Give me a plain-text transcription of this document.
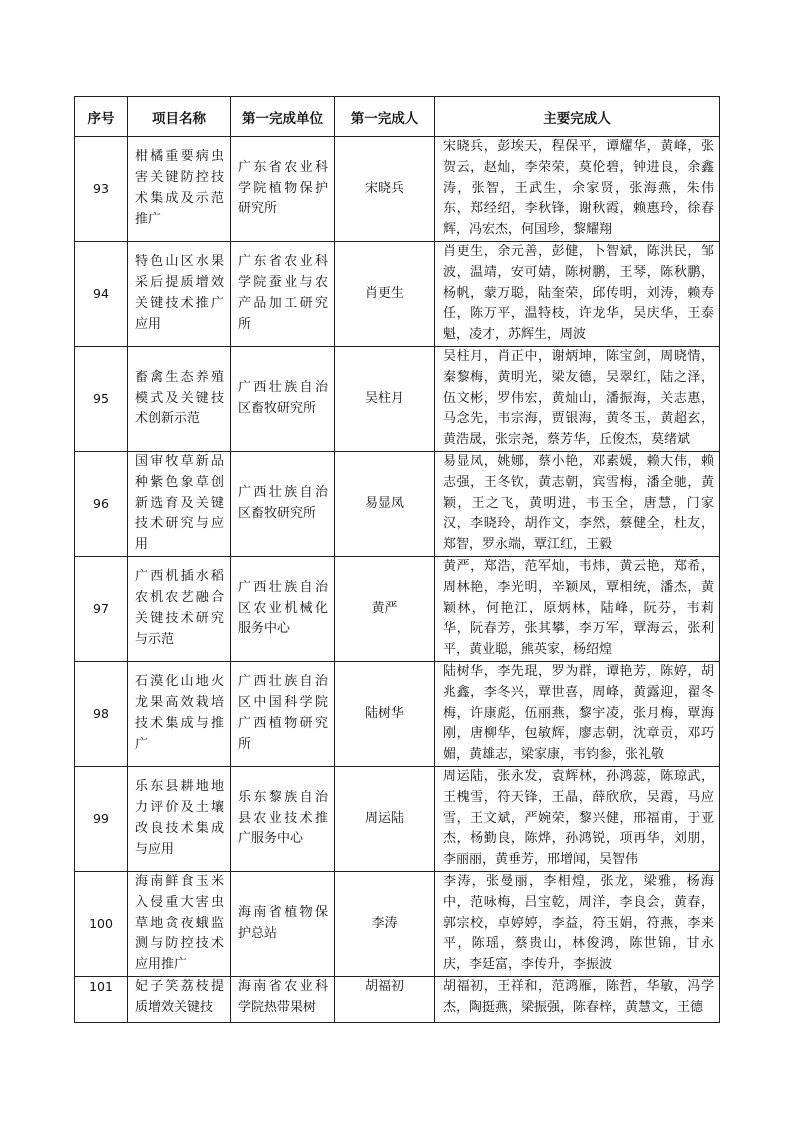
序号	项目名称	第一完成单位	第一完成人	主要完成人
93	柑橘重要病虫害关键防控技术集成及示范推广	广东省农业科学院植物保护研究所	宋晓兵	宋晓兵，彭埃天，程保平，谭耀华，黄峰，张贺云，赵灿，李荣荣，莫伦碧，钟进良，余鑫涛，张智，王武生，余家贤，张海燕，朱伟东，郑经绍，李秋锋，谢秋霞，赖惠玲，徐春辉，冯宏杰，何国珍，黎耀翔
94	特色山区水果采后提质增效关键技术推广应用	广东省农业科学院蚕业与农产品加工研究所	肖更生	肖更生，余元善，彭健，卜智斌，陈洪民，邹波，温靖，安可婧，陈树鹏，王琴，陈秋鹏，杨帆，蒙万聪，陆奎荣，邱传明，刘涛，赖寿任，陈万平，温特枝，许龙华，吴庆华，王泰魁，凌才，苏辉生，周波
95	畜禽生态养殖模式及关键技术创新示范	广西壮族自治区畜牧研究所	吴柱月	吴柱月，肖正中，谢炳坤，陈宝剑，周晓情，秦黎梅，黄明光，梁友德，吴翠红，陆之泽，伍文彬，罗伟宏，黄灿山，潘振海，关志惠，马念先，韦宗海，贾银海，黄冬玉，黄超玄，黄浩晟，张宗尧，蔡芳华，丘俊杰，莫绪斌
96	国审牧草新品种紫色象草创新选育及关键技术研究与应用	广西壮族自治区畜牧研究所	易显凤	易显凤，姚娜，蔡小艳，邓素媛，赖大伟，赖志强，王冬钦，黄志朝，宾雪梅，潘全驰，黄颖，王之飞，黄明进，韦玉全，唐慧，门家汉，李晓玲，胡作文，李然，蔡健全，杜友，郑智，罗永端，覃江红，王毅
97	广西机插水稻农机农艺融合关键技术研究与示范	广西壮族自治区农业机械化服务中心	黄严	黄严，郑浩，范军灿，韦炜，黄云艳，郑希，周林艳，李光明，辛颖凤，覃相统，潘杰，黄颖林，何艳江，原炳林，陆峰，阮芬，韦莉华，阮春芳，张其攀，李万军，覃海云，张利平，黄业聪，熊英家，杨绍煌
98	石漠化山地火龙果高效栽培技术集成与推广	广西壮族自治区中国科学院广西植物研究所	陆树华	陆树华，李先琨，罗为群，谭艳芳，陈婷，胡兆鑫，李冬兴，覃世喜，周峰，黄露迎，翟冬梅，许康彪，伍丽燕，黎宇凌，张月梅，覃海刚，唐柳华，包敏辉，廖志朝，沈章贡，邓巧媚，黄雄志，梁家康，韦钧参，张礼敬
99	乐东县耕地地力评价及土壤改良技术集成与应用	乐东黎族自治县农业技术推广服务中心	周运陆	周运陆，张永发，袁辉林，孙鸿蕊，陈琼武，王槐雪，符天锋，王晶，薛欣欣，吴霞，马应雪，王文斌，严婉荣，黎兴健，邢福甫，于亚杰，杨勤良，陈烨，孙鸿锐，项再华，刘朋，李丽丽，黄垂芳，邢增闻，吴智伟
100	海南鲜食玉米入侵重大害虫草地贪夜蛾监测与防控技术应用推广	海南省植物保护总站	李涛	李涛，张曼丽，李相煌，张龙，梁雅，杨海中，范咏梅，吕宝乾，周洋，李良会，黄春，郭宗校，卓婷婷，李益，符玉娟，符燕，李来平，陈瑶，蔡贵山，林俊鸿，陈世锦，甘永庆，李廷富，李传升，李振波
101	妃子笑荔枝提质增效关键技	海南省农业科学院热带果树	胡福初	胡福初，王祥和，范鸿雁，陈哲，华敏，冯学杰，陶挺燕，梁振强，陈春梓，黄慧文，王德
